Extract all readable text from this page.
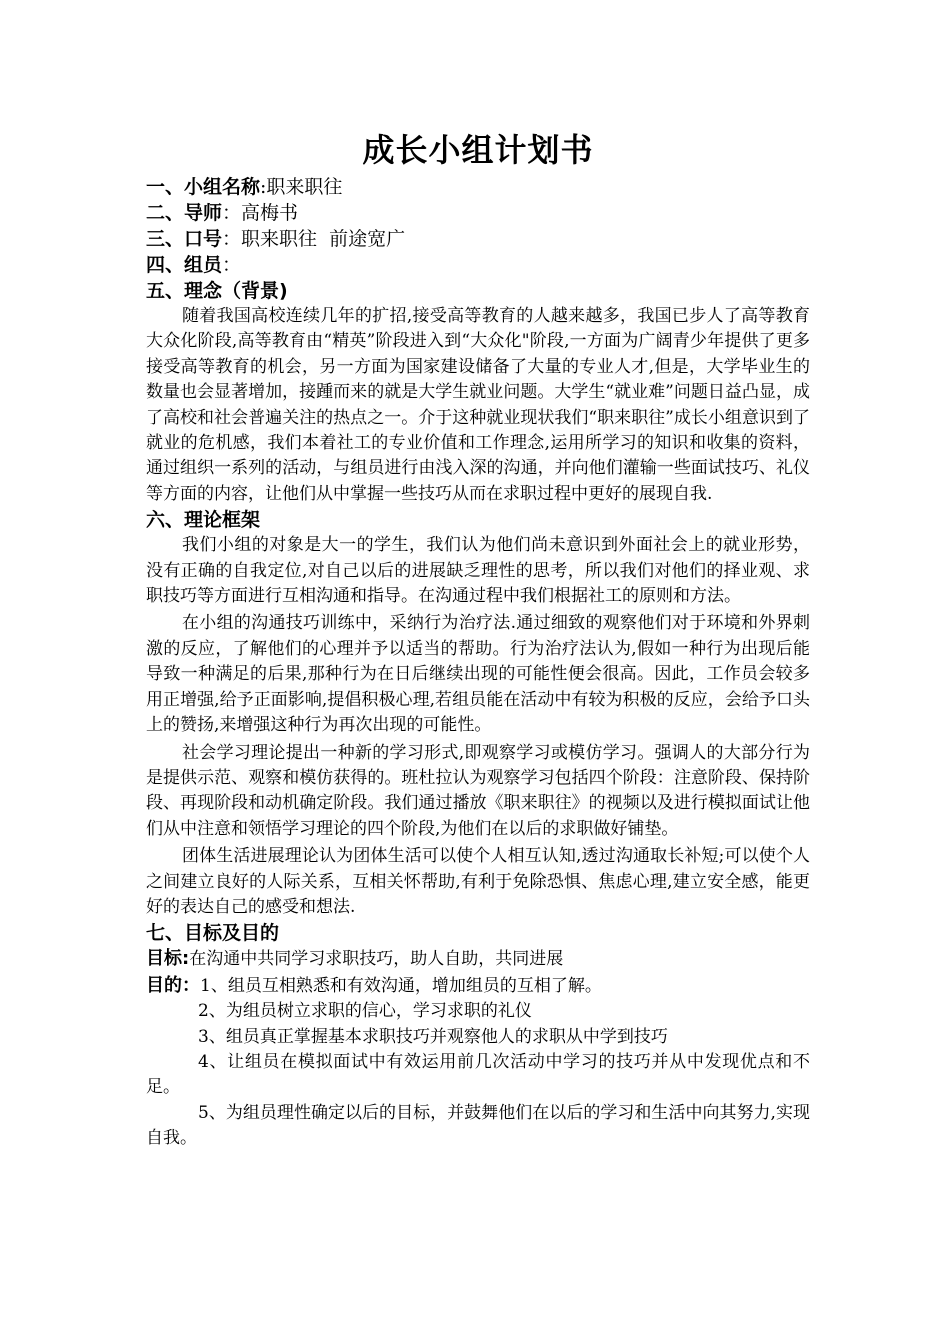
成长小组计划书

一、小组名称:职来职往

二、导师：高梅书

三、口号：职来职往  前途宽广

四、组员：

五、理念（背景)

随着我国高校连续几年的扩招,接受高等教育的人越来越多，我国已步人了高等教育大众化阶段,高等教育由“精英”阶段进入到“大众化"阶段,一方面为广阔青少年提供了更多接受高等教育的机会，另一方面为国家建设储备了大量的专业人才,但是，大学毕业生的数量也会显著增加，接踵而来的就是大学生就业问题。大学生“就业难”问题日益凸显，成了高校和社会普遍关注的热点之一。介于这种就业现状我们“职来职往”成长小组意识到了就业的危机感，我们本着社工的专业价值和工作理念,运用所学习的知识和收集的资料，通过组织一系列的活动，与组员进行由浅入深的沟通，并向他们灌输一些面试技巧、礼仪等方面的内容，让他们从中掌握一些技巧从而在求职过程中更好的展现自我.

六、理论框架

我们小组的对象是大一的学生，我们认为他们尚未意识到外面社会上的就业形势，没有正确的自我定位,对自己以后的进展缺乏理性的思考，所以我们对他们的择业观、求职技巧等方面进行互相沟通和指导。在沟通过程中我们根据社工的原则和方法。

在小组的沟通技巧训练中，采纳行为治疗法.通过细致的观察他们对于环境和外界刺激的反应，了解他们的心理并予以适当的帮助。行为治疗法认为,假如一种行为出现后能导致一种满足的后果,那种行为在日后继续出现的可能性便会很高。因此，工作员会较多用正增强,给予正面影响,提倡积极心理,若组员能在活动中有较为积极的反应，会给予口头上的赞扬,来增强这种行为再次出现的可能性。

社会学习理论提出一种新的学习形式,即观察学习或模仿学习。强调人的大部分行为是提供示范、观察和模仿获得的。班杜拉认为观察学习包括四个阶段：注意阶段、保持阶段、再现阶段和动机确定阶段。我们通过播放《职来职往》的视频以及进行模拟面试让他们从中注意和领悟学习理论的四个阶段,为他们在以后的求职做好铺垫。

团体生活进展理论认为团体生活可以使个人相互认知,透过沟通取长补短;可以使个人之间建立良好的人际关系，互相关怀帮助,有利于免除恐惧、焦虑心理,建立安全感，能更好的表达自己的感受和想法.

七、目标及目的

目标:在沟通中共同学习求职技巧，助人自助，共同进展

目的：1、组员互相熟悉和有效沟通，增加组员的互相了解。

2、为组员树立求职的信心，学习求职的礼仪

3、组员真正掌握基本求职技巧并观察他人的求职从中学到技巧

4、让组员在模拟面试中有效运用前几次活动中学习的技巧并从中发现优点和不足。

5、为组员理性确定以后的目标，并鼓舞他们在以后的学习和生活中向其努力,实现自我。
